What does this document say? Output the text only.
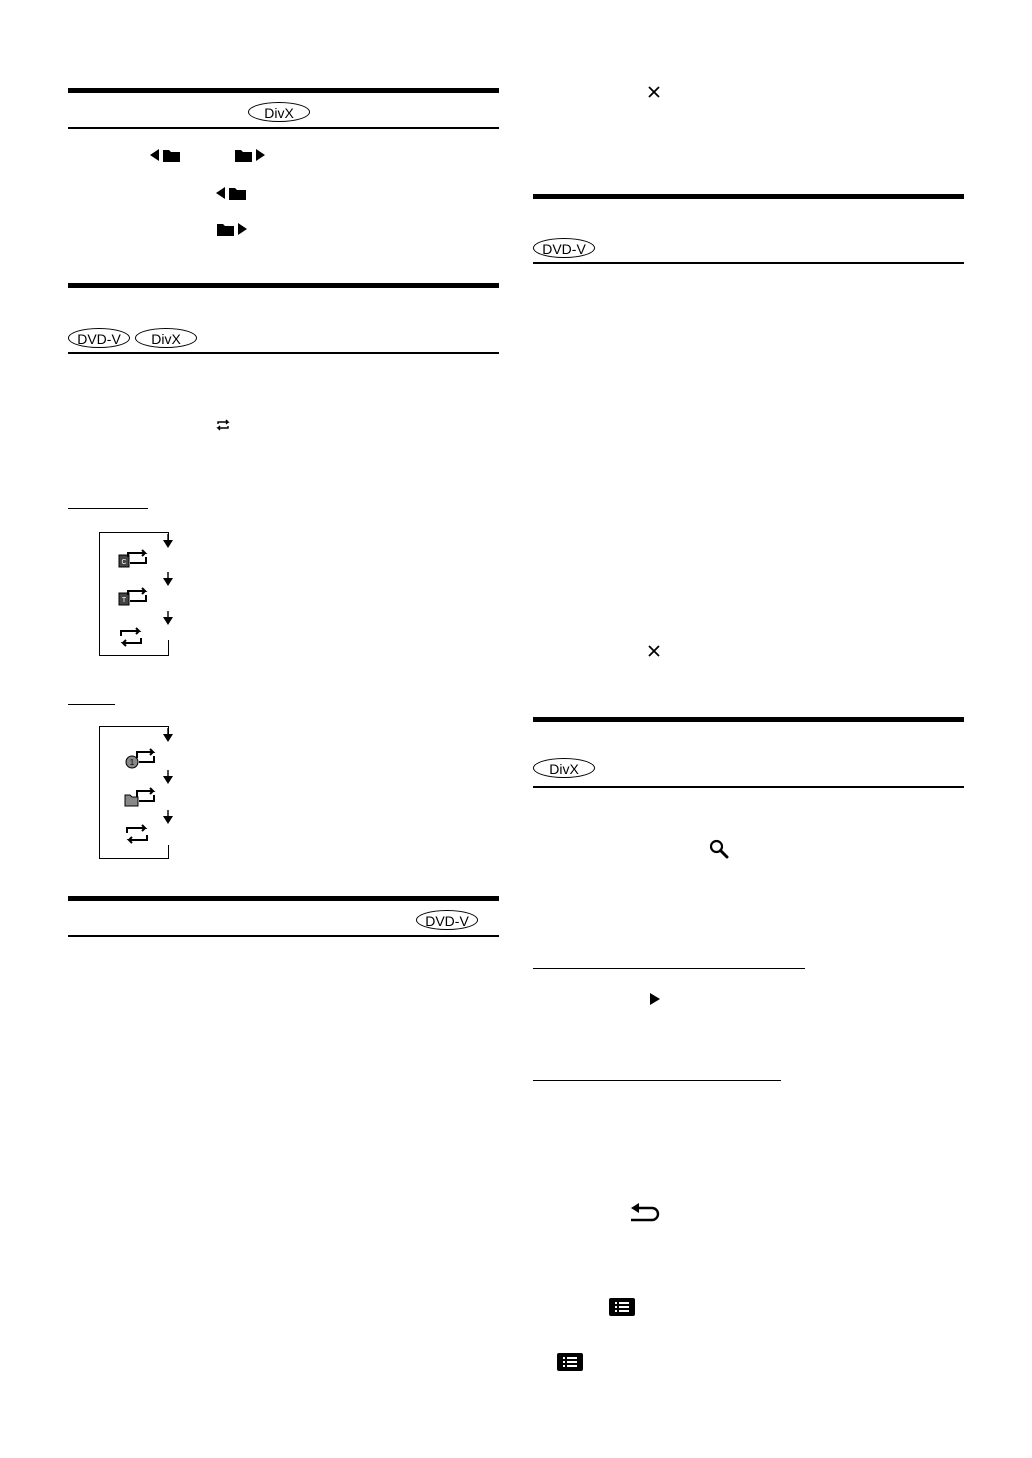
DivX
DVD-V	DivX
C
T
1
DVD-V
DVD-V
DivX
